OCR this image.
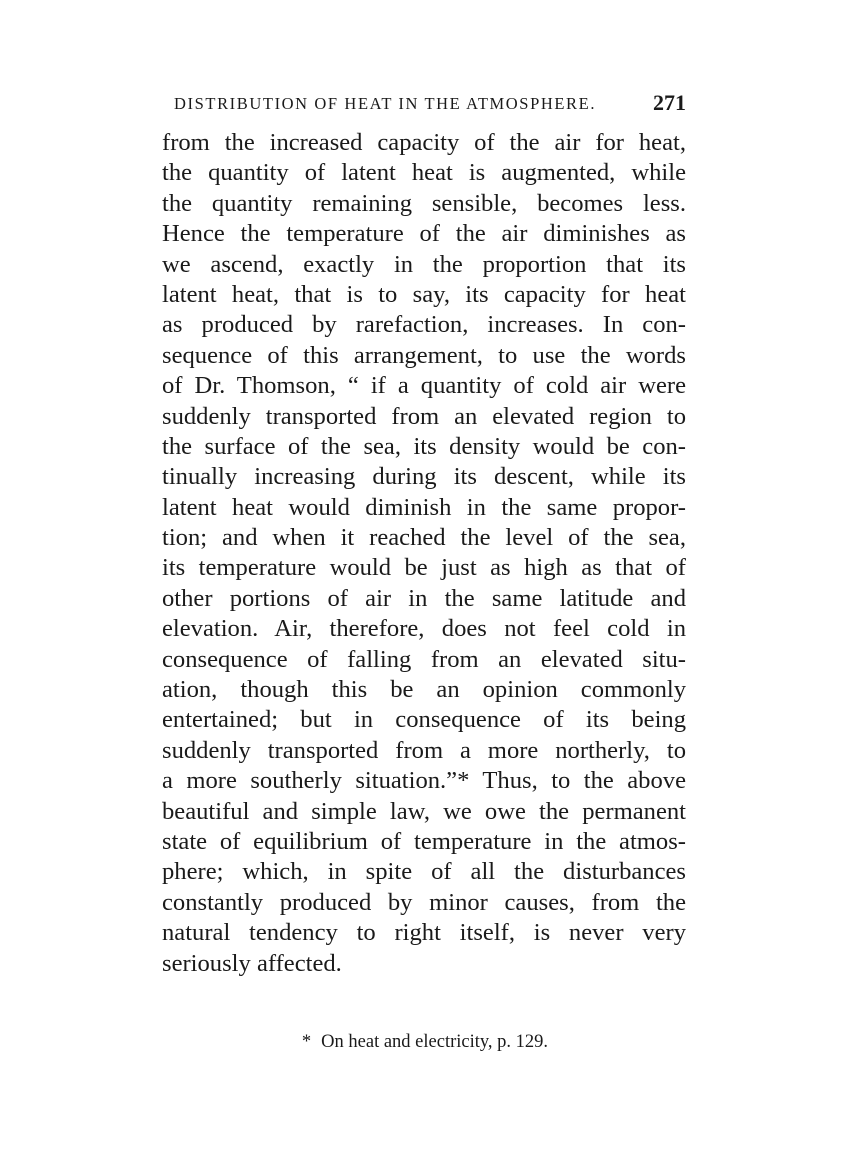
DISTRIBUTION OF HEAT IN THE ATMOSPHERE.	271
from the increased capacity of the air for heat,
the quantity of latent heat is augmented, while
the quantity remaining sensible, becomes less.
Hence the temperature of the air diminishes as
we ascend, exactly in the proportion that its
latent heat, that is to say, its capacity for heat
as produced by rarefaction, increases. In con-
sequence of this arrangement, to use the words
of Dr. Thomson, “ if a quantity of cold air were
suddenly transported from an elevated region to
the surface of the sea, its density would be con-
tinually increasing during its descent, while its
latent heat would diminish in the same propor-
tion; and when it reached the level of the sea,
its temperature would be just as high as that of
other portions of air in the same latitude and
elevation. Air, therefore, does not feel cold in
consequence of falling from an elevated situ-
ation, though this be an opinion commonly
entertained; but in consequence of its being
suddenly transported from a more northerly, to
a more southerly situation.”* Thus, to the above
beautiful and simple law, we owe the permanent
state of equilibrium of temperature in the atmos-
phere; which, in spite of all the disturbances
constantly produced by minor causes, from the
natural tendency to right itself, is never very
seriously affected.
* On heat and electricity, p. 129.
